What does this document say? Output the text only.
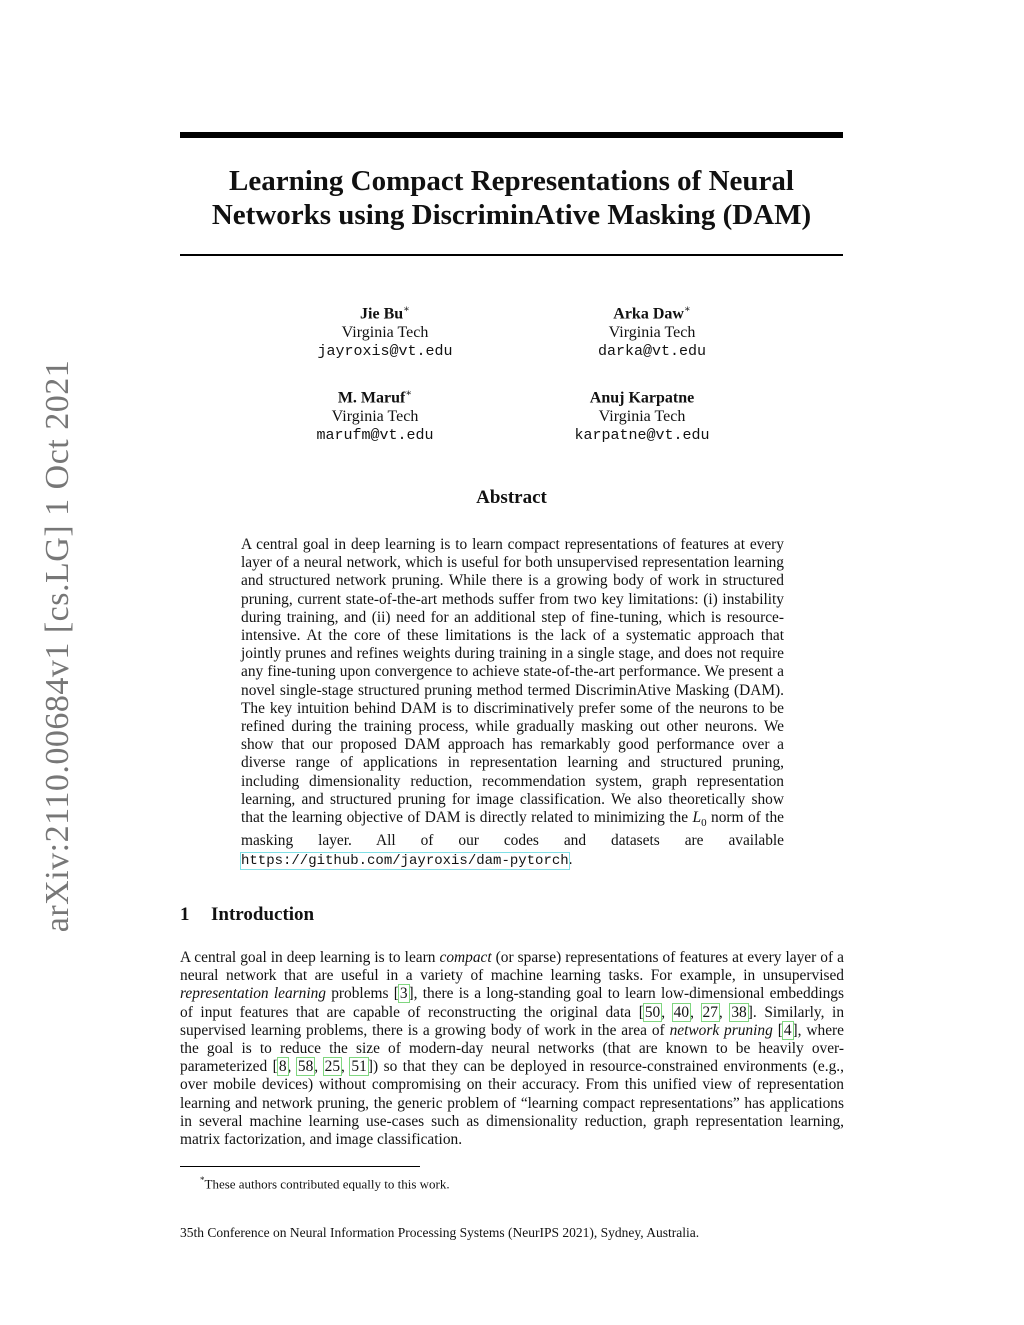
arXiv:2110.00684v1 [cs.LG] 1 Oct 2021
Learning Compact Representations of Neural
Networks using DiscriminAtive Masking (DAM)
Jie Bu∗
Virginia Tech
jayroxis@vt.edu
Arka Daw∗
Virginia Tech
darka@vt.edu
M. Maruf∗
Virginia Tech
marufm@vt.edu
Anuj Karpatne
Virginia Tech
karpatne@vt.edu
Abstract

A central goal in deep learning is to learn compact representations of features at every layer of a neural network, which is useful for both unsupervised representation learning and structured network pruning. While there is a growing body of work in structured pruning, current state-of-the-art methods suffer from two key limitations: (i) instability during training, and (ii) need for an additional step of fine-tuning, which is resource-intensive. At the core of these limitations is the lack of a systematic approach that jointly prunes and refines weights during training in a single stage, and does not require any fine-tuning upon convergence to achieve state-of-the-art performance. We present a novel single-stage structured pruning method termed DiscriminAtive Masking (DAM). The key intuition behind DAM is to discriminatively prefer some of the neurons to be refined during the training process, while gradually masking out other neurons. We show that our proposed DAM approach has remarkably good performance over a diverse range of applications in representation learning and structured pruning, including dimensionality reduction, recommendation system, graph representation learning, and structured pruning for image classification. We also theoretically show that the learning objective of DAM is directly related to minimizing the $L_0$ norm of the masking layer. All of our codes and datasets are available https://github.com/jayroxis/dam-pytorch.

1 Introduction

A central goal in deep learning is to learn compact (or sparse) representations of features at every layer of a neural network that are useful in a variety of machine learning tasks. For example, in unsupervised representation learning problems [3], there is a long-standing goal to learn low-dimensional embeddings of input features that are capable of reconstructing the original data [50, 40, 27, 38]. Similarly, in supervised learning problems, there is a growing body of work in the area of network pruning [4], where the goal is to reduce the size of modern-day neural networks (that are known to be heavily over-parameterized [8, 58, 25, 51]) so that they can be deployed in resource-constrained environments (e.g., over mobile devices) without compromising on their accuracy. From this unified view of representation learning and network pruning, the generic problem of “learning compact representations” has applications in several machine learning use-cases such as dimensionality reduction, graph representation learning, matrix factorization, and image classification.

*These authors contributed equally to this work.
35th Conference on Neural Information Processing Systems (NeurIPS 2021), Sydney, Australia.
